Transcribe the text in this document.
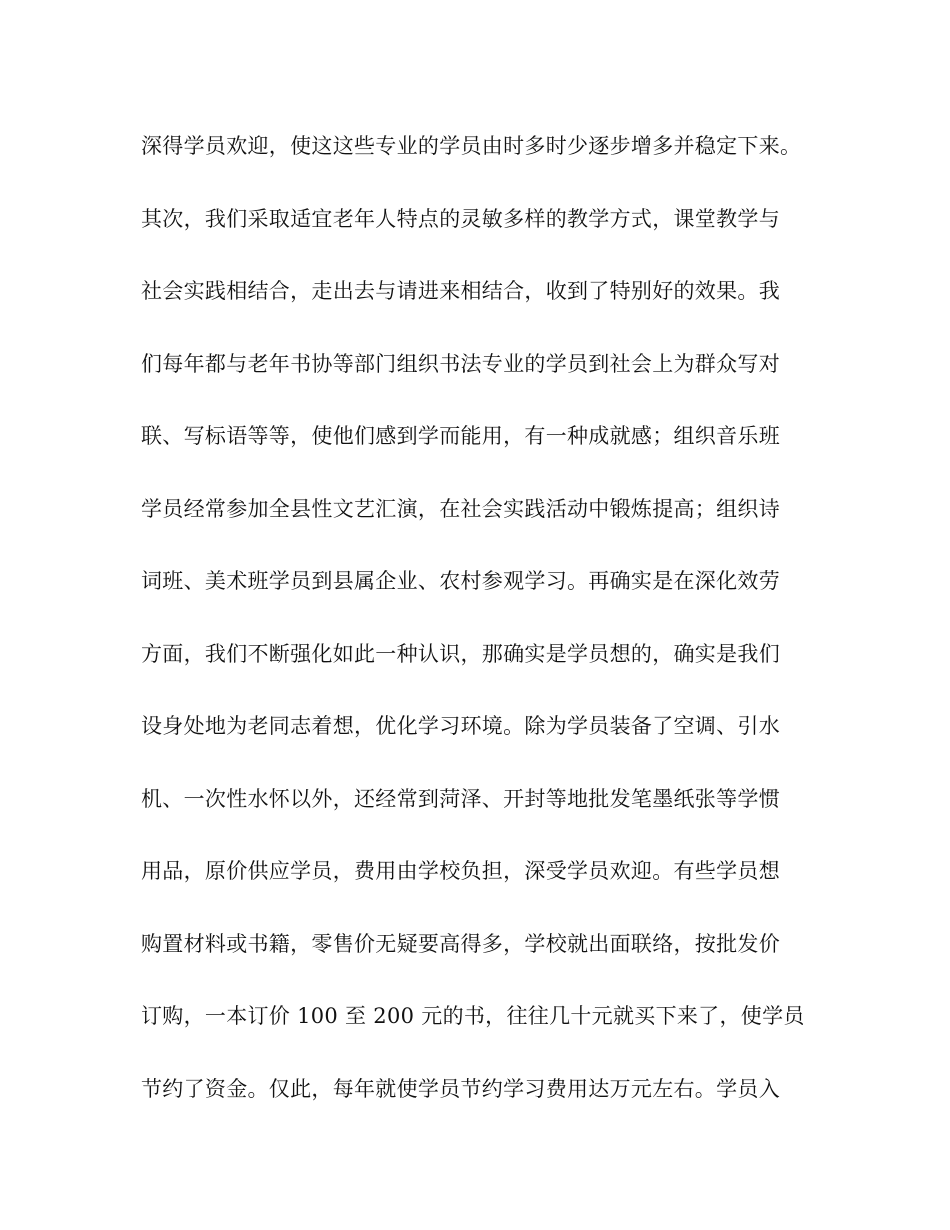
深得学员欢迎，使这这些专业的学员由时多时少逐步增多并稳定下来。
其次，我们采取适宜老年人特点的灵敏多样的教学方式，课堂教学与
社会实践相结合，走出去与请进来相结合，收到了特别好的效果。我
们每年都与老年书协等部门组织书法专业的学员到社会上为群众写对
联、写标语等等，使他们感到学而能用，有一种成就感；组织音乐班
学员经常参加全县性文艺汇演，在社会实践活动中锻炼提高；组织诗
词班、美术班学员到县属企业、农村参观学习。再确实是在深化效劳
方面，我们不断强化如此一种认识，那确实是学员想的，确实是我们
设身处地为老同志着想，优化学习环境。除为学员装备了空调、引水
机、一次性水怀以外，还经常到菏泽、开封等地批发笔墨纸张等学惯
用品，原价供应学员，费用由学校负担，深受学员欢迎。有些学员想
购置材料或书籍，零售价无疑要高得多，学校就出面联络，按批发价
订购，一本订价 100 至 200 元的书，往往几十元就买下来了，使学员
节约了资金。仅此，每年就使学员节约学习费用达万元左右。学员入
